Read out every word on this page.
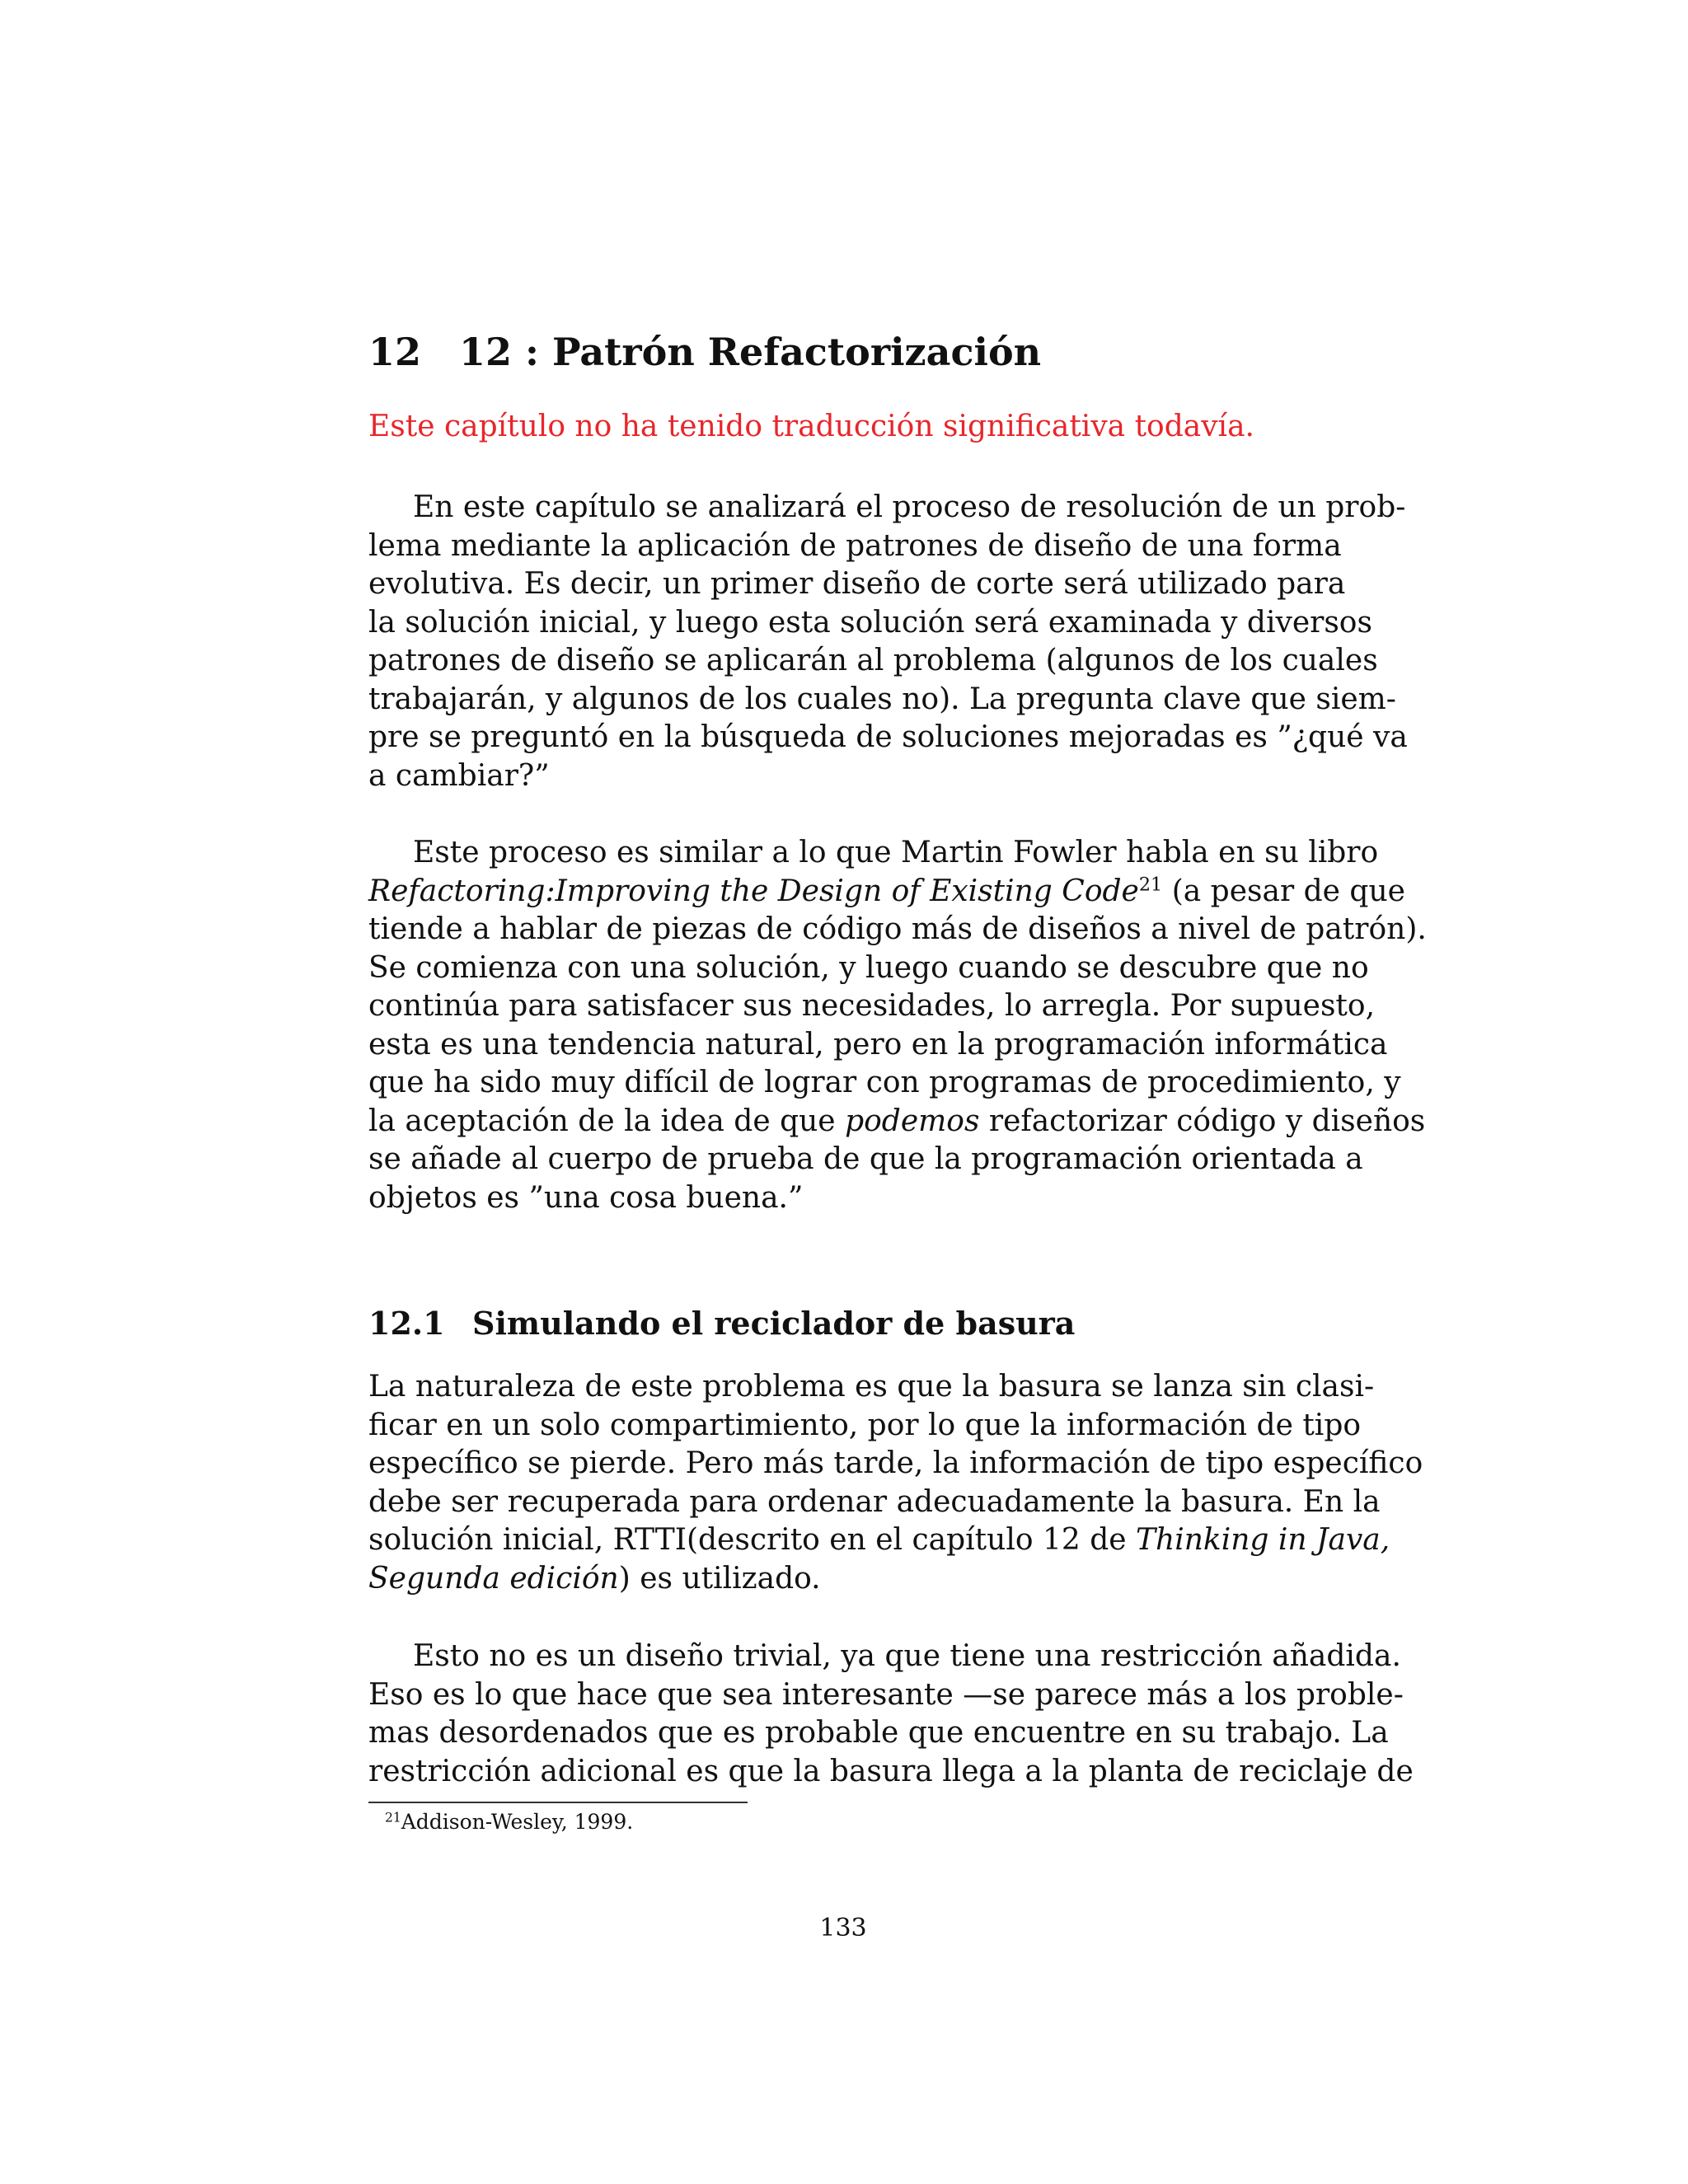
12 12 : Patrón Refactorización
Este capítulo no ha tenido traducción significativa todavía.

En este capítulo se analizará el proceso de resolución de un prob-
lema mediante la aplicación de patrones de diseño de una forma
evolutiva. Es decir, un primer diseño de corte será utilizado para
la solución inicial, y luego esta solución será examinada y diversos
patrones de diseño se aplicarán al problema (algunos de los cuales
trabajarán, y algunos de los cuales no). La pregunta clave que siem-
pre se preguntó en la búsqueda de soluciones mejoradas es ”¿qué va
a cambiar?”

Este proceso es similar a lo que Martin Fowler habla en su libro
Refactoring:Improving the Design of Existing Code$^{21}$ (a pesar de que
tiende a hablar de piezas de código más de diseños a nivel de patrón).
Se comienza con una solución, y luego cuando se descubre que no
continúa para satisfacer sus necesidades, lo arregla. Por supuesto,
esta es una tendencia natural, pero en la programación informática
que ha sido muy difícil de lograr con programas de procedimiento, y
la aceptación de la idea de que podemos refactorizar código y diseños
se añade al cuerpo de prueba de que la programación orientada a
objetos es ”una cosa buena.”

12.1 Simulando el reciclador de basura

La naturaleza de este problema es que la basura se lanza sin clasi-
ficar en un solo compartimiento, por lo que la información de tipo
específico se pierde. Pero más tarde, la información de tipo específico
debe ser recuperada para ordenar adecuadamente la basura. En la
solución inicial, RTTI(descrito en el capítulo 12 de Thinking in Java,
Segunda edición) es utilizado.

Esto no es un diseño trivial, ya que tiene una restricción añadida.
Eso es lo que hace que sea interesante —se parece más a los proble-
mas desordenados que es probable que encuentre en su trabajo. La
restricción adicional es que la basura llega a la planta de reciclaje de

$^{21}$Addison-Wesley, 1999.
133
